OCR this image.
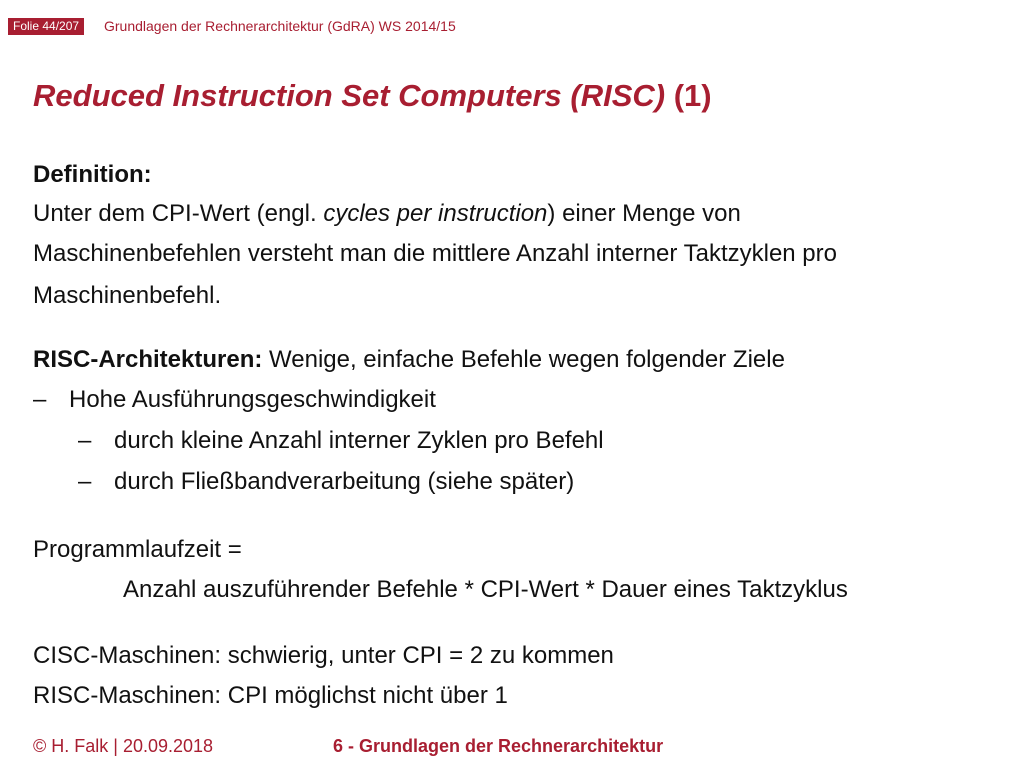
Folie 44/207	Grundlagen der Rechnerarchitektur (GdRA) WS 2014/15
Reduced Instruction Set Computers (RISC) (1)
Definition:
Unter dem CPI-Wert (engl. cycles per instruction) einer Menge von
Maschinenbefehlen versteht man die mittlere Anzahl interner Taktzyklen pro
Maschinenbefehl.
RISC-Architekturen: Wenige, einfache Befehle wegen folgender Ziele
– Hohe Ausführungsgeschwindigkeit
– durch kleine Anzahl interner Zyklen pro Befehl
– durch Fließbandverarbeitung (siehe später)
Programmlaufzeit =
Anzahl auszuführender Befehle * CPI-Wert * Dauer eines Taktzyklus
CISC-Maschinen: schwierig, unter CPI = 2 zu kommen
RISC-Maschinen: CPI möglichst nicht über 1
© H. Falk | 20.09.2018	6 - Grundlagen der Rechnerarchitektur
